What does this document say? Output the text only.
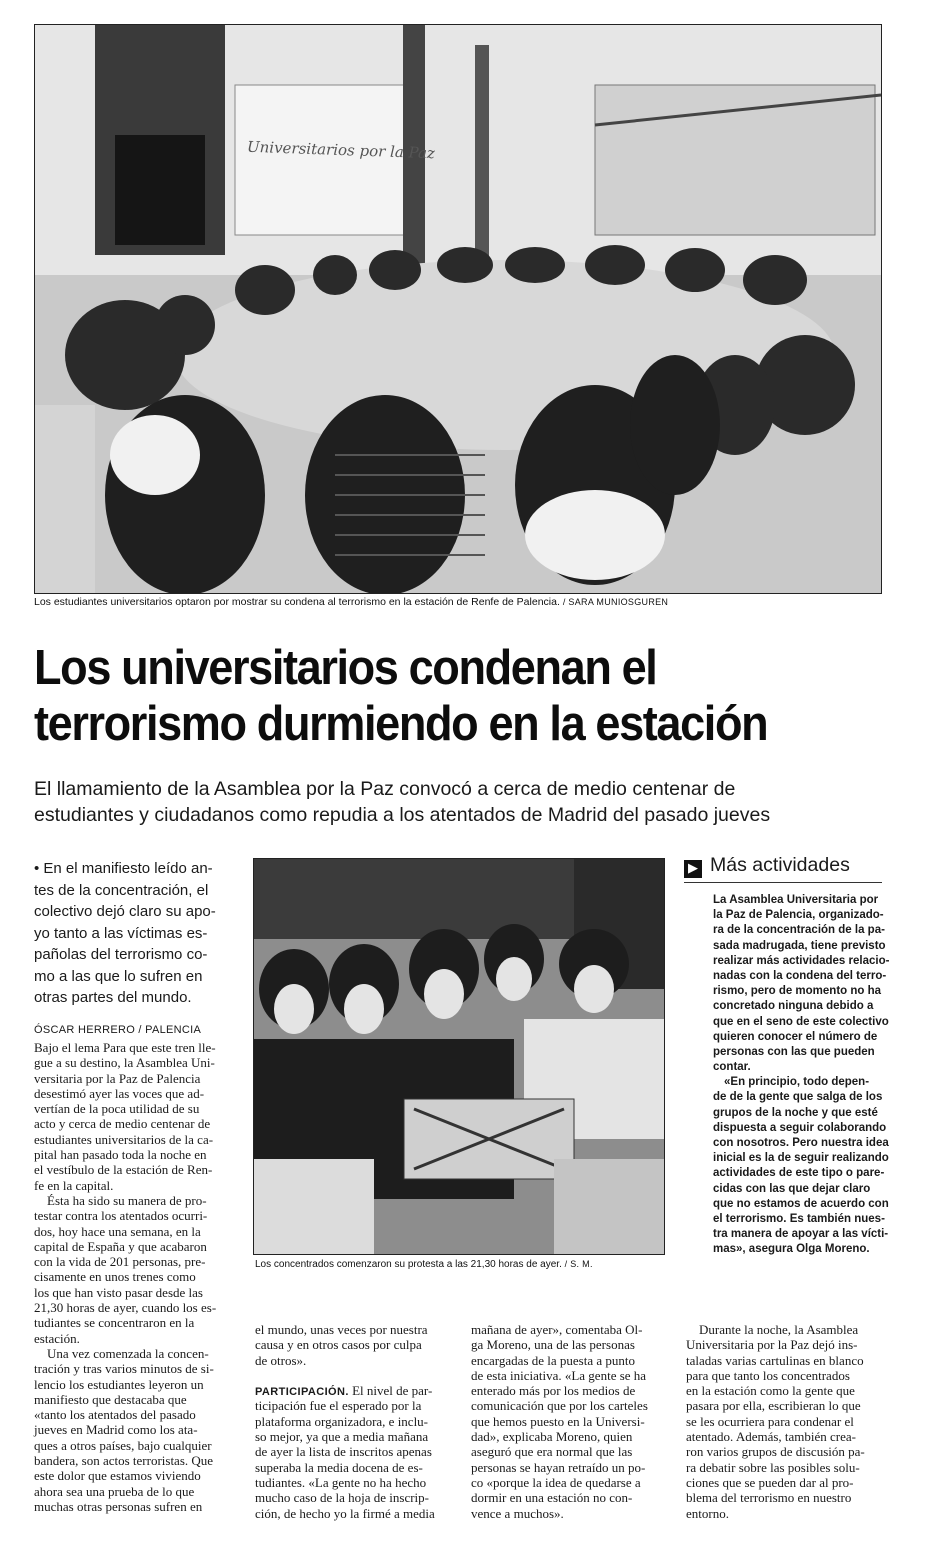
Universitarios por la Paz
Los estudiantes universitarios optaron por mostrar su condena al terrorismo en la estación de Renfe de Palencia. / SARA MUNIOSGUREN
Los universitarios condenan el
terrorismo durmiendo en la estación
El llamamiento de la Asamblea por la Paz convocó a cerca de medio centenar de
estudiantes y ciudadanos como repudia a los atentados de Madrid del pasado jueves
• En el manifiesto leído an-
tes de la concentración, el
colectivo dejó claro su apo-
yo tanto a las víctimas es-
pañolas del terrorismo co-
mo a las que lo sufren en
otras partes del mundo.
ÓSCAR HERRERO / PALENCIA
Bajo el lema Para que este tren lle-
gue a su destino, la Asamblea Uni-
versitaria por la Paz de Palencia
desestimó ayer las voces que ad-
vertían de la poca utilidad de su
acto y cerca de medio centenar de
estudiantes universitarios de la ca-
pital han pasado toda la noche en
el vestíbulo de la estación de Ren-
fe en la capital.
Ésta ha sido su manera de pro-
testar contra los atentados ocurri-
dos, hoy hace una semana, en la
capital de España y que acabaron
con la vida de 201 personas, pre-
cisamente en unos trenes como
los que han visto pasar desde las
21,30 horas de ayer, cuando los es-
tudiantes se concentraron en la
estación.
Una vez comenzada la concen-
tración y tras varios minutos de si-
lencio los estudiantes leyeron un
manifiesto que destacaba que
«tanto los atentados del pasado
jueves en Madrid como los ata-
ques a otros países, bajo cualquier
bandera, son actos terroristas. Que
este dolor que estamos viviendo
ahora sea una prueba de lo que
muchas otras personas sufren en
Los concentrados comenzaron su protesta a las 21,30 horas de ayer. / S. M.
el mundo, unas veces por nuestra
causa y en otros casos por culpa
de otros».
PARTICIPACIÓN. El nivel de par-
ticipación fue el esperado por la
plataforma organizadora, e inclu-
so mejor, ya que a media mañana
de ayer la lista de inscritos apenas
superaba la media docena de es-
tudiantes. «La gente no ha hecho
mucho caso de la hoja de inscrip-
ción, de hecho yo la firmé a media
mañana de ayer», comentaba Ol-
ga Moreno, una de las personas
encargadas de la puesta a punto
de esta iniciativa. «La gente se ha
enterado más por los medios de
comunicación que por los carteles
que hemos puesto en la Universi-
dad», explicaba Moreno, quien
aseguró que era normal que las
personas se hayan retraído un po-
co «porque la idea de quedarse a
dormir en una estación no con-
vence a muchos».
Durante la noche, la Asamblea
Universitaria por la Paz dejó ins-
taladas varias cartulinas en blanco
para que tanto los concentrados
en la estación como la gente que
pasara por ella, escribieran lo que
se les ocurriera para condenar el
atentado. Además, también crea-
ron varios grupos de discusión pa-
ra debatir sobre las posibles solu-
ciones que se pueden dar al pro-
blema del terrorismo en nuestro
entorno.
▶ Más actividades
La Asamblea Universitaria por
la Paz de Palencia, organizado-
ra de la concentración de la pa-
sada madrugada, tiene previsto
realizar más actividades relacio-
nadas con la condena del terro-
rismo, pero de momento no ha
concretado ninguna debido a
que en el seno de este colectivo
quieren conocer el número de
personas con las que pueden
contar.
«En principio, todo depen-
de de la gente que salga de los
grupos de la noche y que esté
dispuesta a seguir colaborando
con nosotros. Pero nuestra idea
inicial es la de seguir realizando
actividades de este tipo o pare-
cidas con las que dejar claro
que no estamos de acuerdo con
el terrorismo. Es también nues-
tra manera de apoyar a las vícti-
mas», asegura Olga Moreno.
